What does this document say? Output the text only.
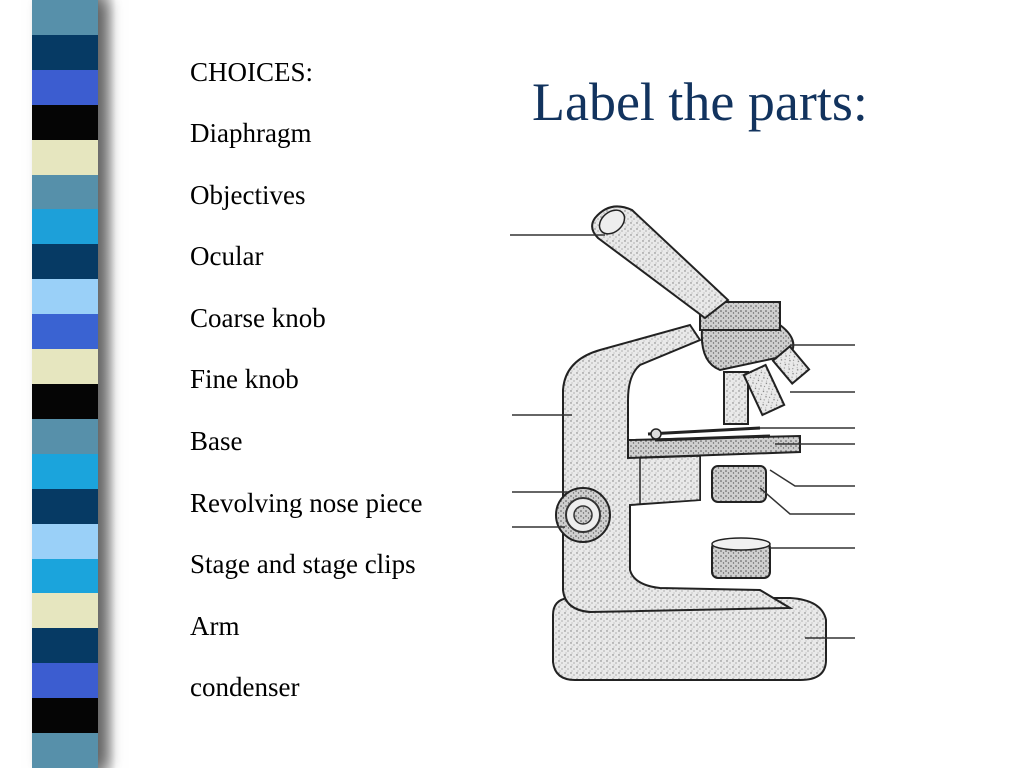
CHOICES:
Diaphragm
Objectives
Ocular
Coarse knob
Fine knob
Base
Revolving nose piece
Stage and stage clips
Arm
condenser
Label the parts:
